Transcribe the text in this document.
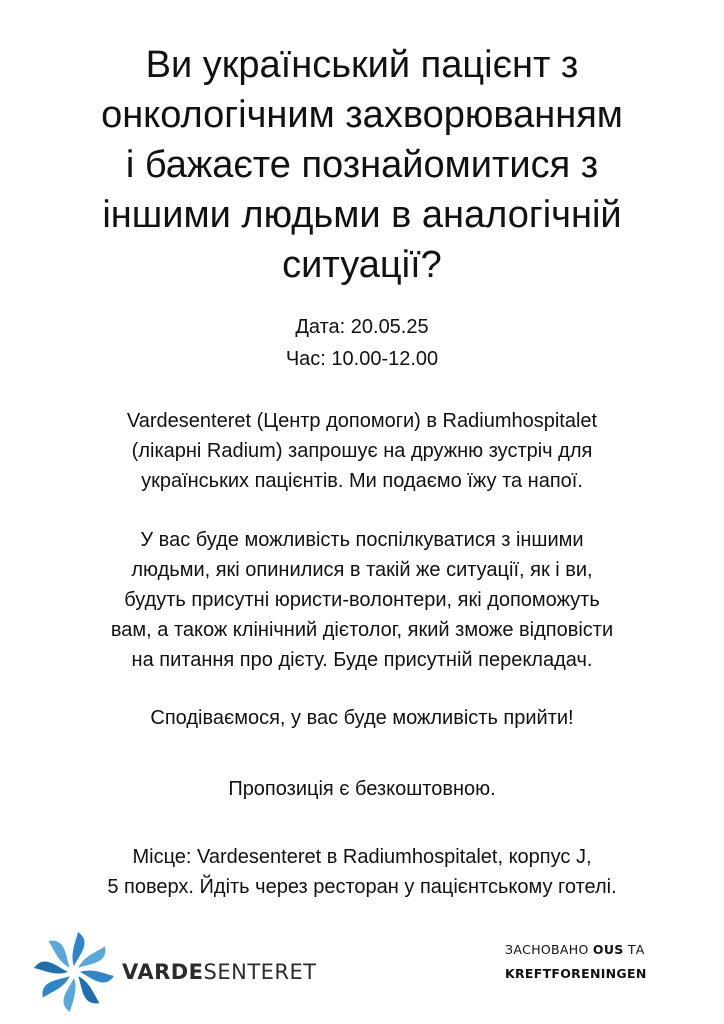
Ви український пацієнт з
онкологічним захворюванням
і бажаєте познайомитися з
іншими людьми в аналогічній
ситуації?
Дата: 20.05.25
Час: 10.00-12.00
Vardesenteret (Центр допомоги) в Radiumhospitalet
(лікарні Radium) запрошує на дружню зустріч для
українських пацієнтів. Ми подаємо їжу та напої.
У вас буде можливість поспілкуватися з іншими
людьми, які опинилися в такій же ситуації, як і ви,
будуть присутні юристи-волонтери, які допоможуть
вам, а також клінічний дієтолог, який зможе відповісти
на питання про дієту. Буде присутній перекладач.
Сподіваємося, у вас буде можливість прийти!
Пропозиція є безкоштовною.
Місце: Vardesenteret в Radiumhospitalet, корпус J,
5 поверх. Йдіть через ресторан у пацієнтському готелі.
VARDESENTERET
ЗАСНОВАНО OUS ТА
KREFTFORENINGEN
